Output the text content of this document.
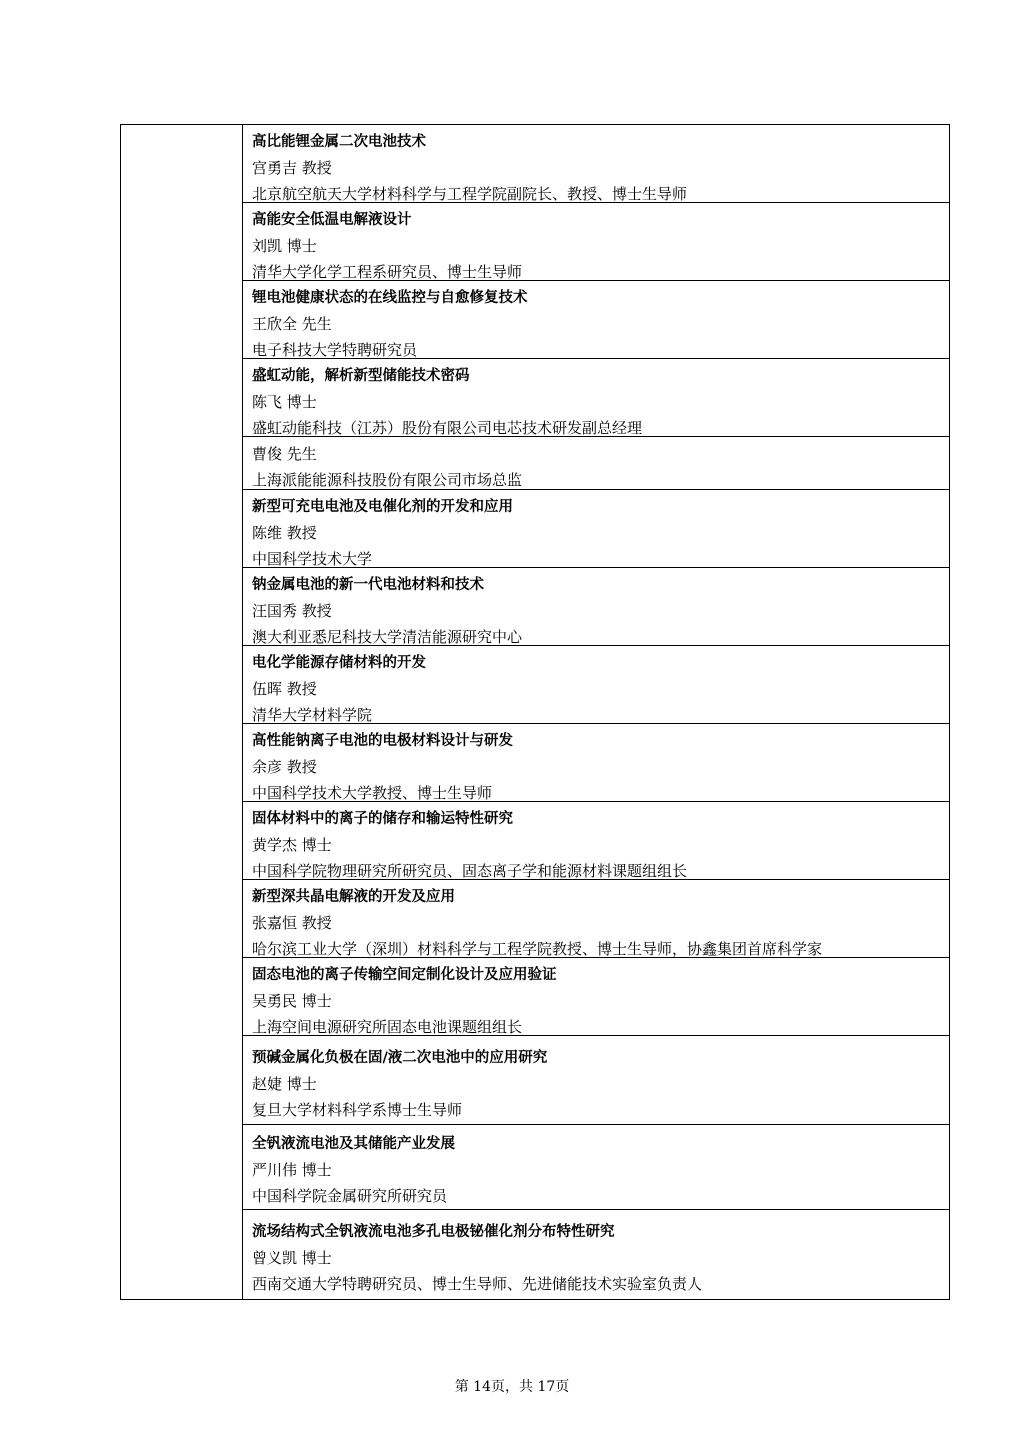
高比能锂金属二次电池技术
宫勇吉 教授
北京航空航天大学材料科学与工程学院副院长、教授、博士生导师
高能安全低温电解液设计
刘凯 博士
清华大学化学工程系研究员、博士生导师
锂电池健康状态的在线监控与自愈修复技术
王欣全 先生
电子科技大学特聘研究员
盛虹动能，解析新型储能技术密码
陈飞 博士
盛虹动能科技（江苏）股份有限公司电芯技术研发副总经理
曹俊 先生
上海派能能源科技股份有限公司市场总监
新型可充电电池及电催化剂的开发和应用
陈维 教授
中国科学技术大学
钠金属电池的新一代电池材料和技术
汪国秀 教授
澳大利亚悉尼科技大学清洁能源研究中心
电化学能源存储材料的开发
伍晖 教授
清华大学材料学院
高性能钠离子电池的电极材料设计与研发
余彦 教授
中国科学技术大学教授、博士生导师
固体材料中的离子的储存和输运特性研究
黄学杰 博士
中国科学院物理研究所研究员、固态离子学和能源材料课题组组长
新型深共晶电解液的开发及应用
张嘉恒 教授
哈尔滨工业大学（深圳）材料科学与工程学院教授、博士生导师，协鑫集团首席科学家
固态电池的离子传输空间定制化设计及应用验证
吴勇民 博士
上海空间电源研究所固态电池课题组组长
预碱金属化负极在固/液二次电池中的应用研究
赵婕 博士
复旦大学材料科学系博士生导师
全钒液流电池及其储能产业发展
严川伟 博士
中国科学院金属研究所研究员
流场结构式全钒液流电池多孔电极铋催化剂分布特性研究
曾义凯 博士
西南交通大学特聘研究员、博士生导师、先进储能技术实验室负责人
第 14页，共 17页
